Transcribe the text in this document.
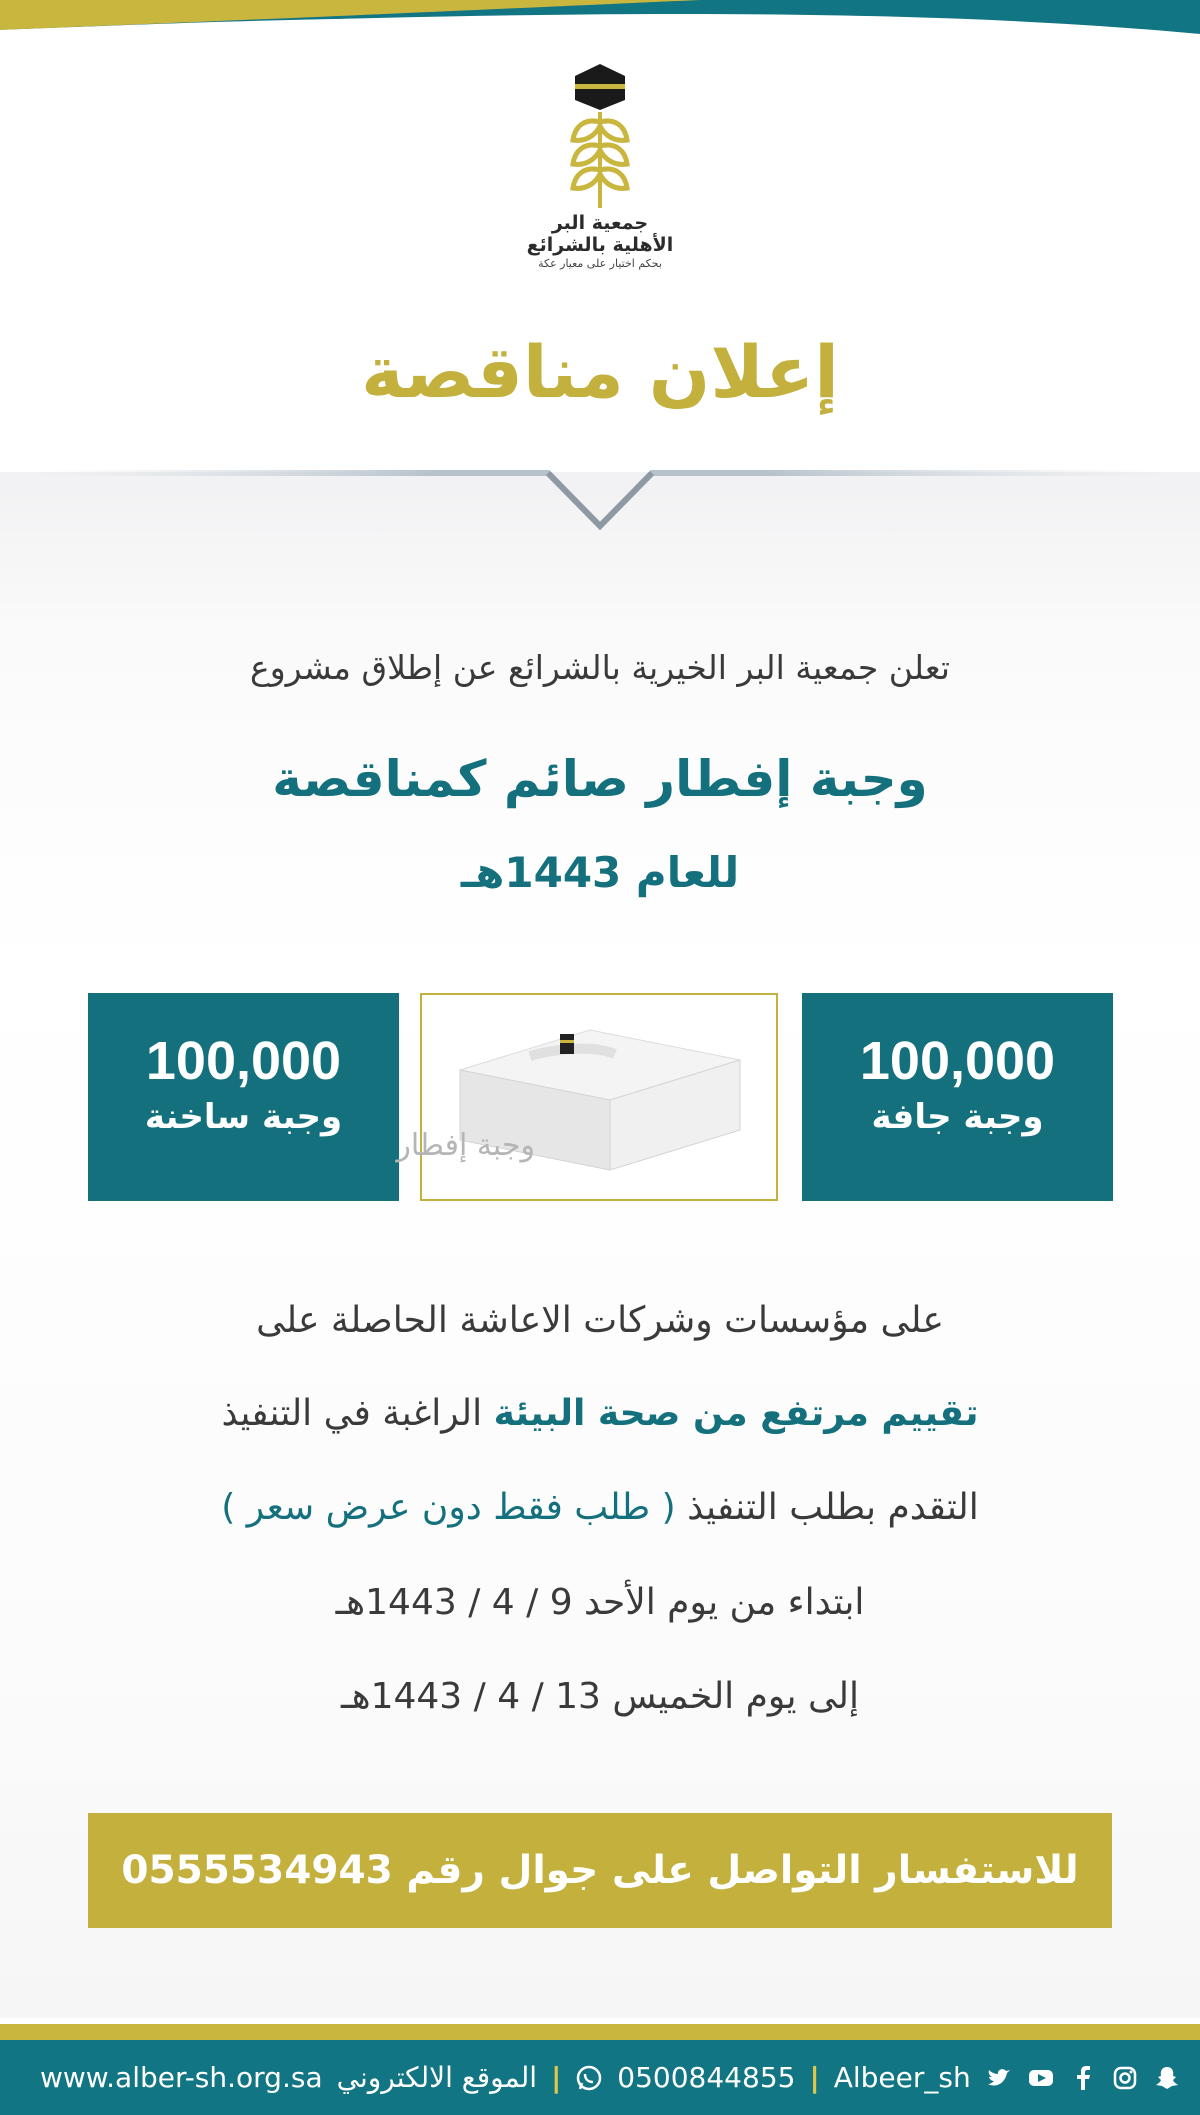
جمعية البر
الأهلية بالشرائع
بحكم اختيار على معيار عكة
إعلان مناقصة
تعلن جمعية البر الخيرية بالشرائع عن إطلاق مشروع
وجبة إفطار صائم كمناقصة
للعام 1443هـ
100,000
وجبة ساخنة
وجبة إفطار
100,000
وجبة جافة
على مؤسسات وشركات الاعاشة الحاصلة على
تقييم مرتفع من صحة البيئة الراغبة في التنفيذ
التقدم بطلب التنفيذ ( طلب فقط دون عرض سعر )
ابتداء من يوم الأحد 9 / 4 / 1443هـ
إلى يوم الخميس 13 / 4 / 1443هـ
للاستفسار التواصل على جوال رقم 0555534943
www.alber-sh.org.sa الموقع الالكتروني | 0500844855 | Albeer_sh
